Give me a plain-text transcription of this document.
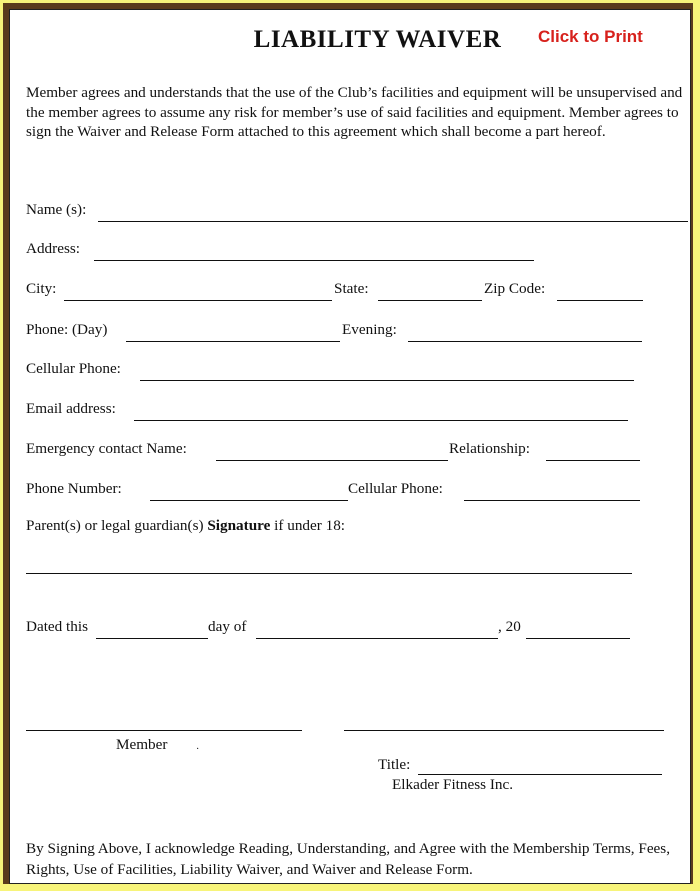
LIABILITY WAIVER	Click to Print
Member agrees and understands that the use of the Club’s facilities and equipment will be unsupervised and the member agrees to assume any risk for member’s use of said facilities and equipment. Member agrees to sign the Waiver and Release Form attached to this agreement which shall become a part hereof.
Name (s):
Address:
City:	State:	Zip Code:
Phone: (Day)	Evening:
Cellular Phone:
Email address:
Emergency contact Name:	Relationship:
Phone Number:	Cellular Phone:
Parent(s) or legal guardian(s) Signature if under 18:
Dated this	day of	, 20
Member	·
Title:
Elkader Fitness Inc.
By Signing Above, I acknowledge Reading, Understanding, and Agree with the Membership Terms, Fees, Rights, Use of Facilities, Liability Waiver, and Waiver and Release Form.
